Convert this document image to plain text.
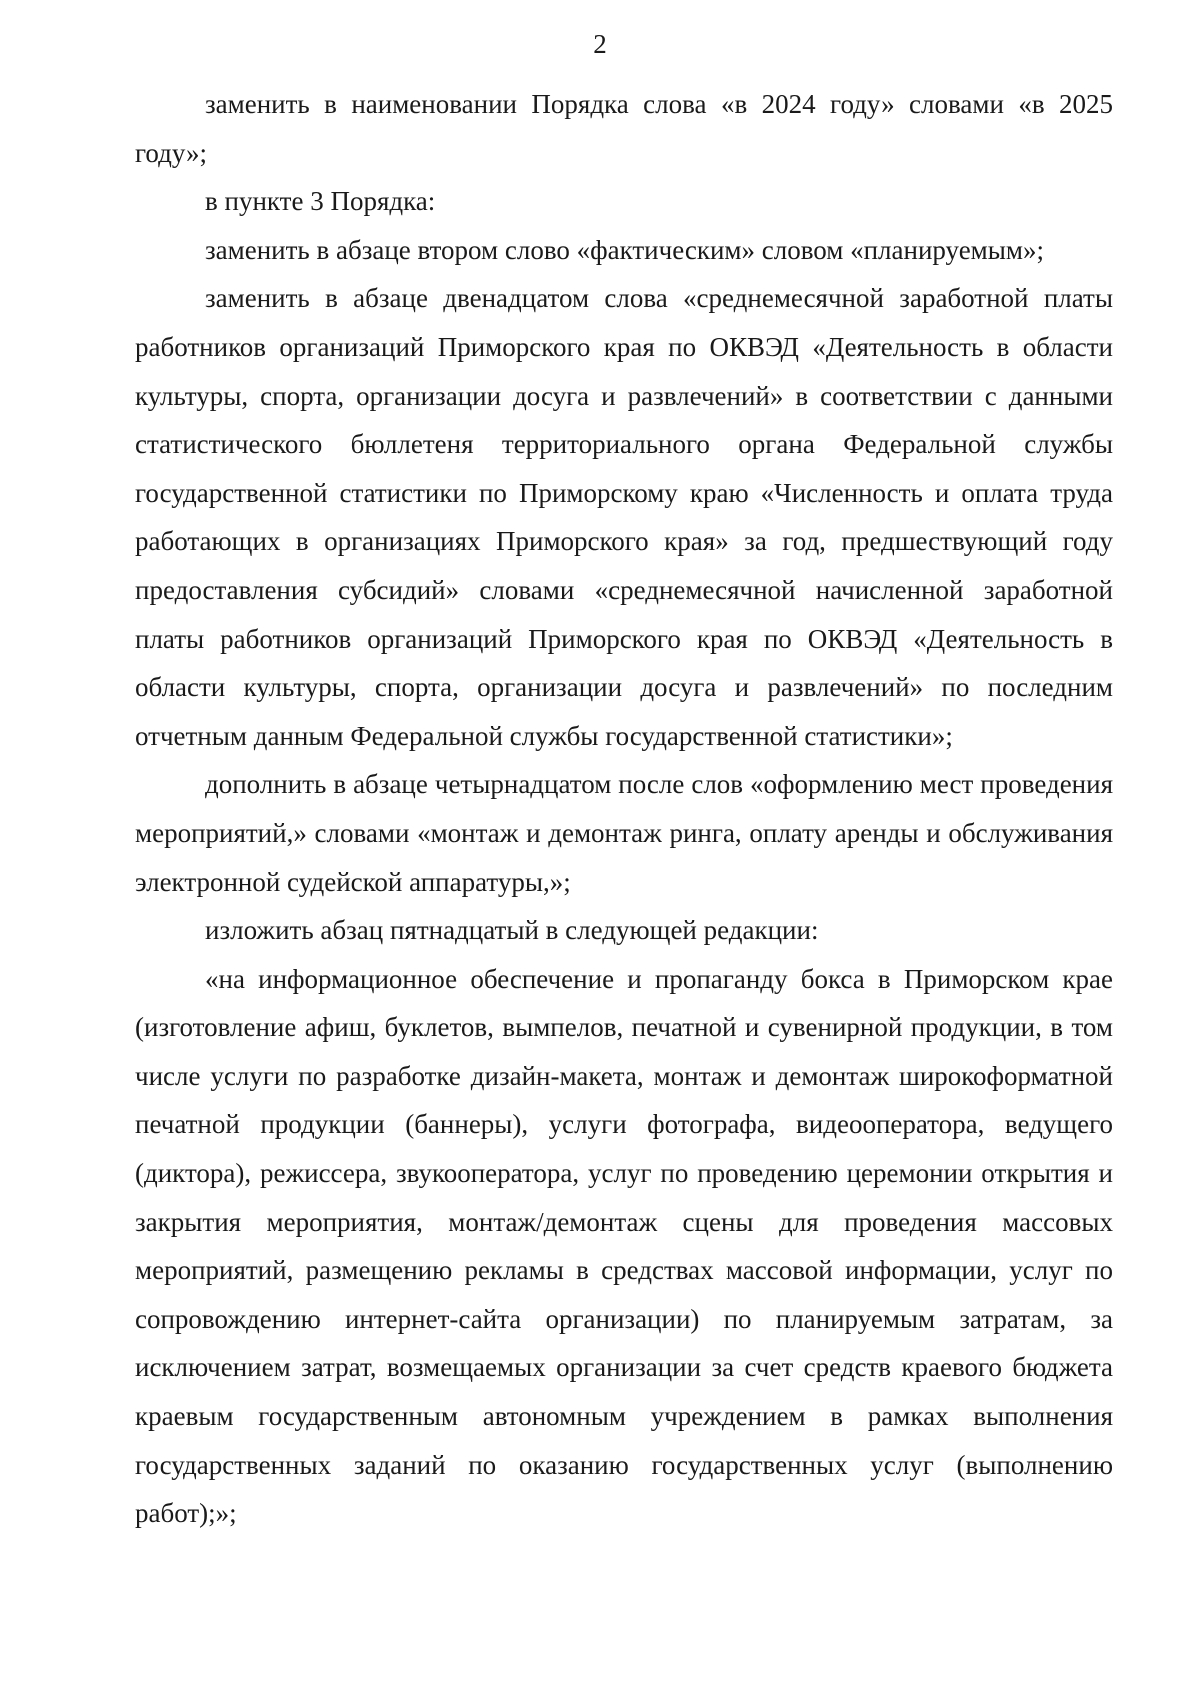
2

заменить в наименовании Порядка слова «в 2024 году» словами «в 2025 году»;

в пункте 3 Порядка:

заменить в абзаце втором слово «фактическим» словом «планируемым»;

заменить в абзаце двенадцатом слова «среднемесячной заработной платы работников организаций Приморского края по ОКВЭД «Деятельность в области культуры, спорта, организации досуга и развлечений» в соответствии с данными статистического бюллетеня территориального органа Федеральной службы государственной статистики по Приморскому краю «Численность и оплата труда работающих в организациях Приморского края» за год, предшествующий году предоставления субсидий» словами «среднемесячной начисленной заработной платы работников организаций Приморского края по ОКВЭД «Деятельность в области культуры, спорта, организации досуга и развлечений» по последним отчетным данным Федеральной службы государственной статистики»;

дополнить в абзаце четырнадцатом после слов «оформлению мест проведения мероприятий,» словами «монтаж и демонтаж ринга, оплату аренды и обслуживания электронной судейской аппаратуры,»;

изложить абзац пятнадцатый в следующей редакции:

«на информационное обеспечение и пропаганду бокса в Приморском крае (изготовление афиш, буклетов, вымпелов, печатной и сувенирной продукции, в том числе услуги по разработке дизайн-макета, монтаж и демонтаж широкоформатной печатной продукции (баннеры), услуги фотографа, видеооператора, ведущего (диктора), режиссера, звукооператора, услуг по проведению церемонии открытия и закрытия мероприятия, монтаж/демонтаж сцены для проведения массовых мероприятий, размещению рекламы в средствах массовой информации, услуг по сопровождению интернет-сайта организации) по планируемым затратам, за исключением затрат, возмещаемых организации за счет средств краевого бюджета краевым государственным автономным учреждением в рамках выполнения государственных заданий по оказанию государственных услуг (выполнению работ);»;
